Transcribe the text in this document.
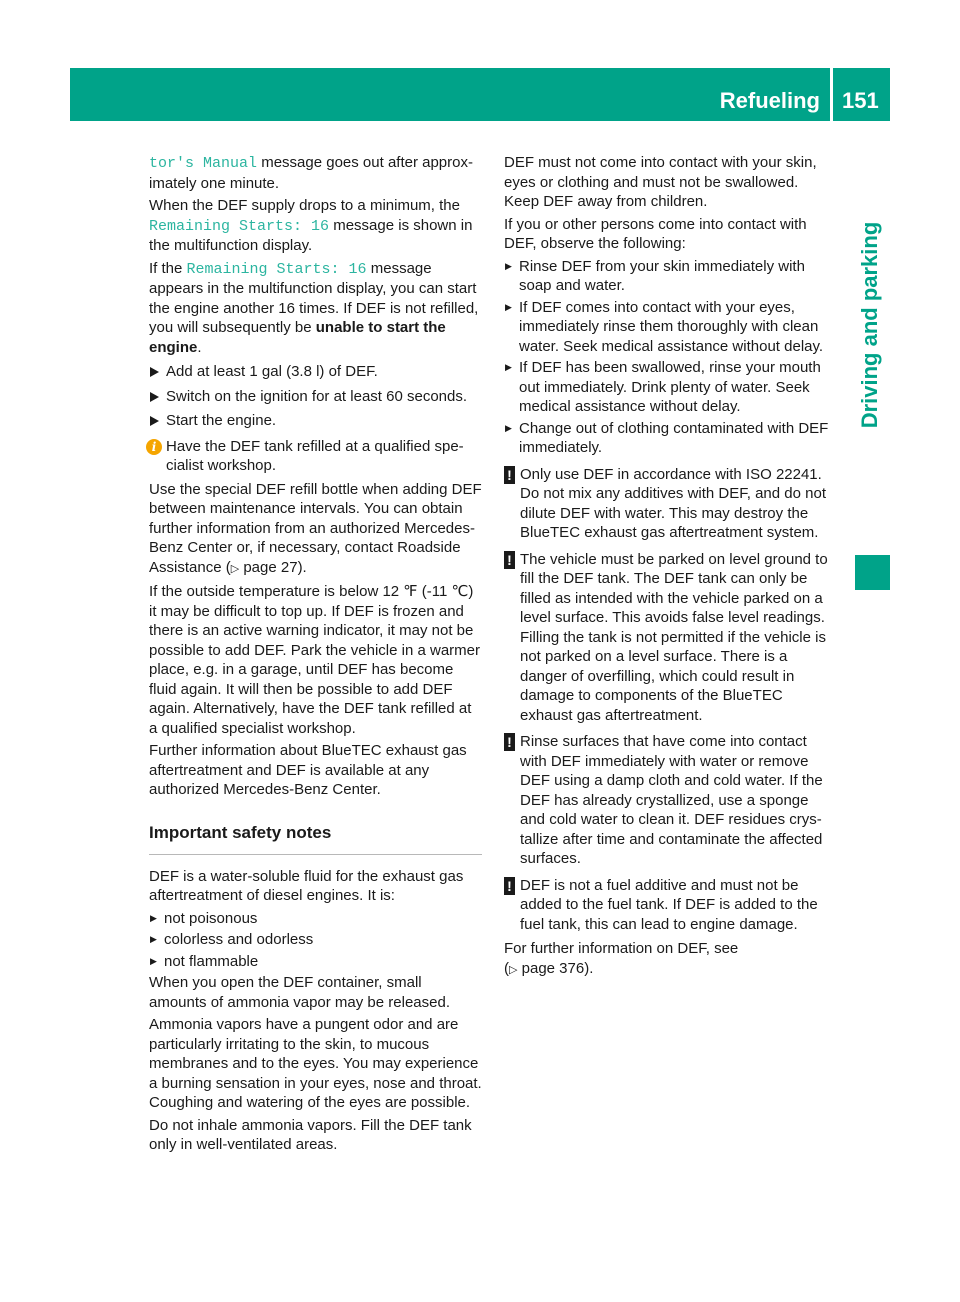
Refueling 151
Driving and parking

tor's Manual message goes out after approximately one minute.

When the DEF supply drops to a minimum, the Remaining Starts: 16 message is shown in the multifunction display.

If the Remaining Starts: 16 message appears in the multifunction display, you can start the engine another 16 times. If DEF is not refilled, you will subsequently be unable to start the engine.

Add at least 1 gal (3.8 l) of DEF.
Switch on the ignition for at least 60 seconds.
Start the engine.
i Have the DEF tank refilled at a qualified specialist workshop.

Use the special DEF refill bottle when adding DEF between maintenance intervals. You can obtain further information from an authorized Mercedes-Benz Center or, if necessary, contact Roadside Assistance (▷ page 27).

If the outside temperature is below 12 ℉ (-11 ℃) it may be difficult to top up. If DEF is frozen and there is an active warning indicator, it may not be possible to add DEF. Park the vehicle in a warmer place, e.g. in a garage, until DEF has become fluid again. It will then be possible to add DEF again. Alternatively, have the DEF tank refilled at a qualified specialist workshop.

Further information about BlueTEC exhaust gas aftertreatment and DEF is available at any authorized Mercedes-Benz Center.

Important safety notes

DEF is a water-soluble fluid for the exhaust gas aftertreatment of diesel engines. It is:

▶ not poisonous
▶ colorless and odorless
▶ not flammable

When you open the DEF container, small amounts of ammonia vapor may be released.

Ammonia vapors have a pungent odor and are particularly irritating to the skin, to mucous membranes and to the eyes. You may experience a burning sensation in your eyes, nose and throat. Coughing and watering of the eyes are possible.

Do not inhale ammonia vapors. Fill the DEF tank only in well-ventilated areas.

DEF must not come into contact with your skin, eyes or clothing and must not be swallowed. Keep DEF away from children.

If you or other persons come into contact with DEF, observe the following:

▶ Rinse DEF from your skin immediately with soap and water.
▶ If DEF comes into contact with your eyes, immediately rinse them thoroughly with clean water. Seek medical assistance without delay.
▶ If DEF has been swallowed, rinse your mouth out immediately. Drink plenty of water. Seek medical assistance without delay.
▶ Change out of clothing contaminated with DEF immediately.
! Only use DEF in accordance with ISO 22241. Do not mix any additives with DEF, and do not dilute DEF with water. This may destroy the BlueTEC exhaust gas aftertreatment system.
! The vehicle must be parked on level ground to fill the DEF tank. The DEF tank can only be filled as intended with the vehicle parked on a level surface. This avoids false level readings. Filling the tank is not permitted if the vehicle is not parked on a level surface. There is a danger of overfilling, which could result in damage to components of the BlueTEC exhaust gas aftertreatment.
! Rinse surfaces that have come into contact with DEF immediately with water or remove DEF using a damp cloth and cold water. If the DEF has already crystallized, use a sponge and cold water to clean it. DEF residues crystallize after time and contaminate the affected surfaces.
! DEF is not a fuel additive and must not be added to the fuel tank. If DEF is added to the fuel tank, this can lead to engine damage.

For further information on DEF, see
(▷ page 376).
